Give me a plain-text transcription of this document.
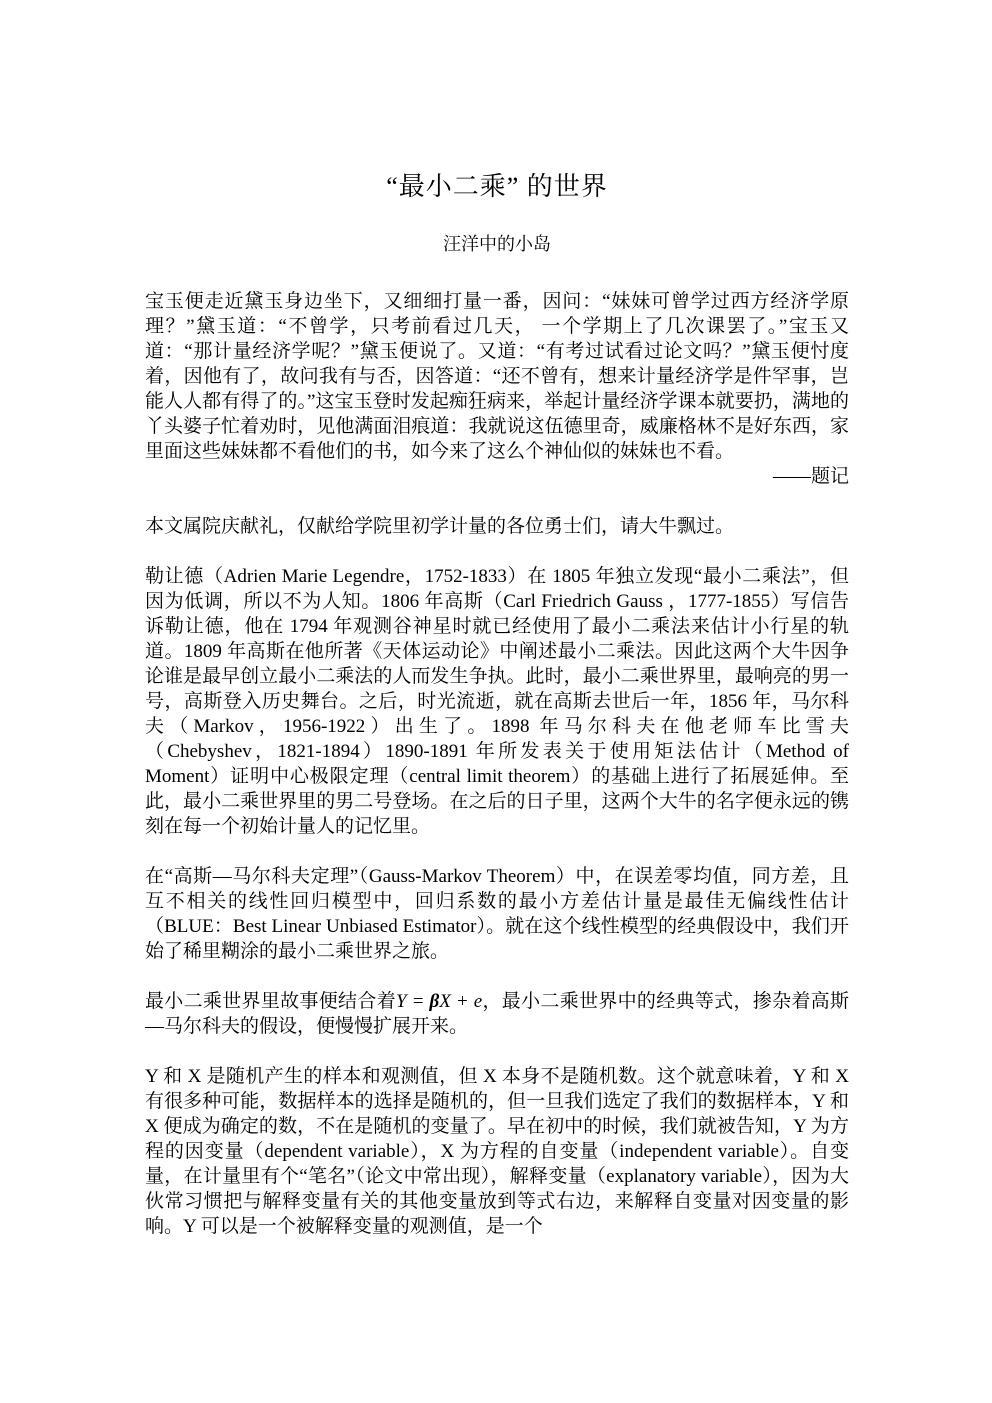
“最小二乘” 的世界
汪洋中的小岛

宝玉便走近黛玉身边坐下，又细细打量一番，因问：“妹妹可曾学过西方经济学原理？”黛玉道：“不曾学，只考前看过几天， 一个学期上了几次课罢了。”宝玉又道：“那计量经济学呢？”黛玉便说了。又道：“有考过试看过论文吗？”黛玉便忖度着，因他有了，故问我有与否，因答道：“还不曾有，想来计量经济学是件罕事，岂能人人都有得了的。”这宝玉登时发起痴狂病来，举起计量经济学课本就要扔，满地的丫头婆子忙着劝时，见他满面泪痕道：我就说这伍德里奇，威廉格林不是好东西，家里面这些妹妹都不看他们的书，如今来了这么个神仙似的妹妹也不看。

——题记

本文属院庆献礼，仅献给学院里初学计量的各位勇士们，请大牛飘过。

勒让德（Adrien Marie Legendre，1752-1833）在 1805 年独立发现“最小二乘法”，但因为低调，所以不为人知。1806 年高斯（Carl Friedrich Gauss ，1777-1855）写信告诉勒让德，他在 1794 年观测谷神星时就已经使用了最小二乘法来估计小行星的轨道。1809 年高斯在他所著《天体运动论》中阐述最小二乘法。因此这两个大牛因争论谁是最早创立最小二乘法的人而发生争执。此时，最小二乘世界里，最响亮的男一号，高斯登入历史舞台。之后，时光流逝，就在高斯去世后一年，1856 年，马尔科夫（Markov，1956-1922）出生了。1898 年马尔科夫在他老师车比雪夫（Chebyshev，1821-1894）1890-1891 年所发表关于使用矩法估计（Method of Moment）证明中心极限定理（central limit theorem）的基础上进行了拓展延伸。至此，最小二乘世界里的男二号登场。在之后的日子里，这两个大牛的名字便永远的镌刻在每一个初始计量人的记忆里。

在“高斯—马尔科夫定理”（Gauss-Markov Theorem）中，在误差零均值，同方差，且互不相关的线性回归模型中，回归系数的最小方差估计量是最佳无偏线性估计（BLUE：Best Linear Unbiased Estimator）。就在这个线性模型的经典假设中，我们开始了稀里糊涂的最小二乘世界之旅。

最小二乘世界里故事便结合着Y = βX + e，最小二乘世界中的经典等式，掺杂着高斯—马尔科夫的假设，便慢慢扩展开来。

Y 和 X 是随机产生的样本和观测值，但 X 本身不是随机数。这个就意味着，Y 和 X 有很多种可能，数据样本的选择是随机的，但一旦我们选定了我们的数据样本，Y 和 X 便成为确定的数，不在是随机的变量了。早在初中的时候，我们就被告知，Y 为方程的因变量（dependent variable），X 为方程的自变量（independent variable）。自变量，在计量里有个“笔名”（论文中常出现），解释变量（explanatory variable），因为大伙常习惯把与解释变量有关的其他变量放到等式右边，来解释自变量对因变量的影响。Y 可以是一个被解释变量的观测值，是一个
